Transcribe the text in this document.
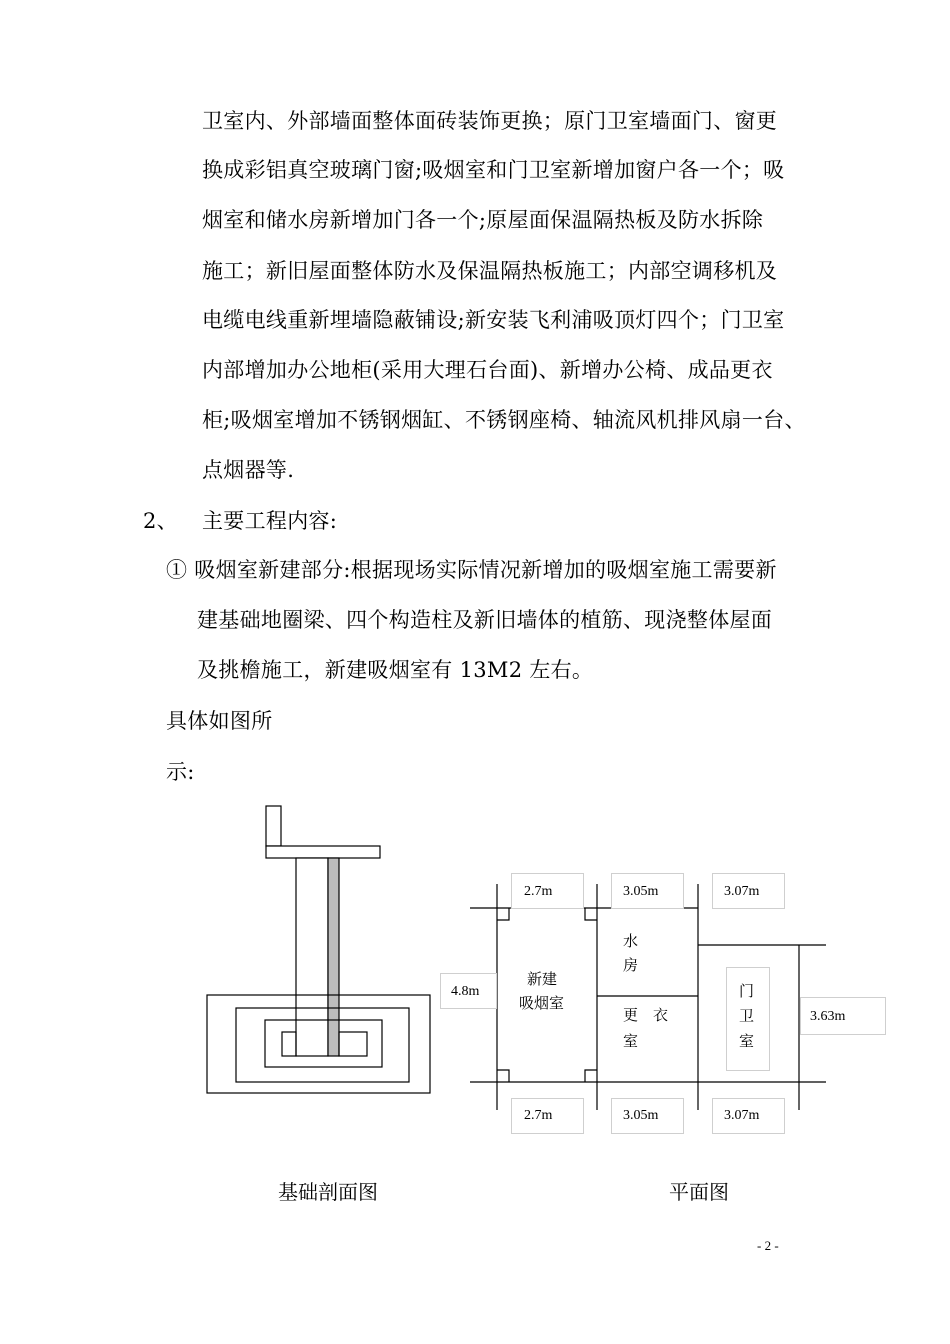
卫室内、外部墙面整体面砖装饰更换；原门卫室墙面门、窗更
换成彩铝真空玻璃门窗;吸烟室和门卫室新增加窗户各一个；吸
烟室和储水房新增加门各一个;原屋面保温隔热板及防水拆除
施工；新旧屋面整体防水及保温隔热板施工；内部空调移机及
电缆电线重新埋墙隐蔽铺设;新安装飞利浦吸顶灯四个；门卫室
内部增加办公地柜(采用大理石台面)、新增办公椅、成品更衣
柜;吸烟室增加不锈钢烟缸、不锈钢座椅、轴流风机排风扇一台、
点烟器等.
2、 主要工程内容:
① 吸烟室新建部分:根据现场实际情况新增加的吸烟室施工需要新
建基础地圈梁、四个构造柱及新旧墙体的植筋、现浇整体屋面
及挑檐施工，新建吸烟室有 13M2 左右。
具体如图所
示:
2.7m	3.05m	3.07m
2.7m	3.05m	3.07m
4.8m
3.63m
新建
吸烟室
水
房
更　衣
室
门
卫
室
基础剖面图	平面图
- 2 -
